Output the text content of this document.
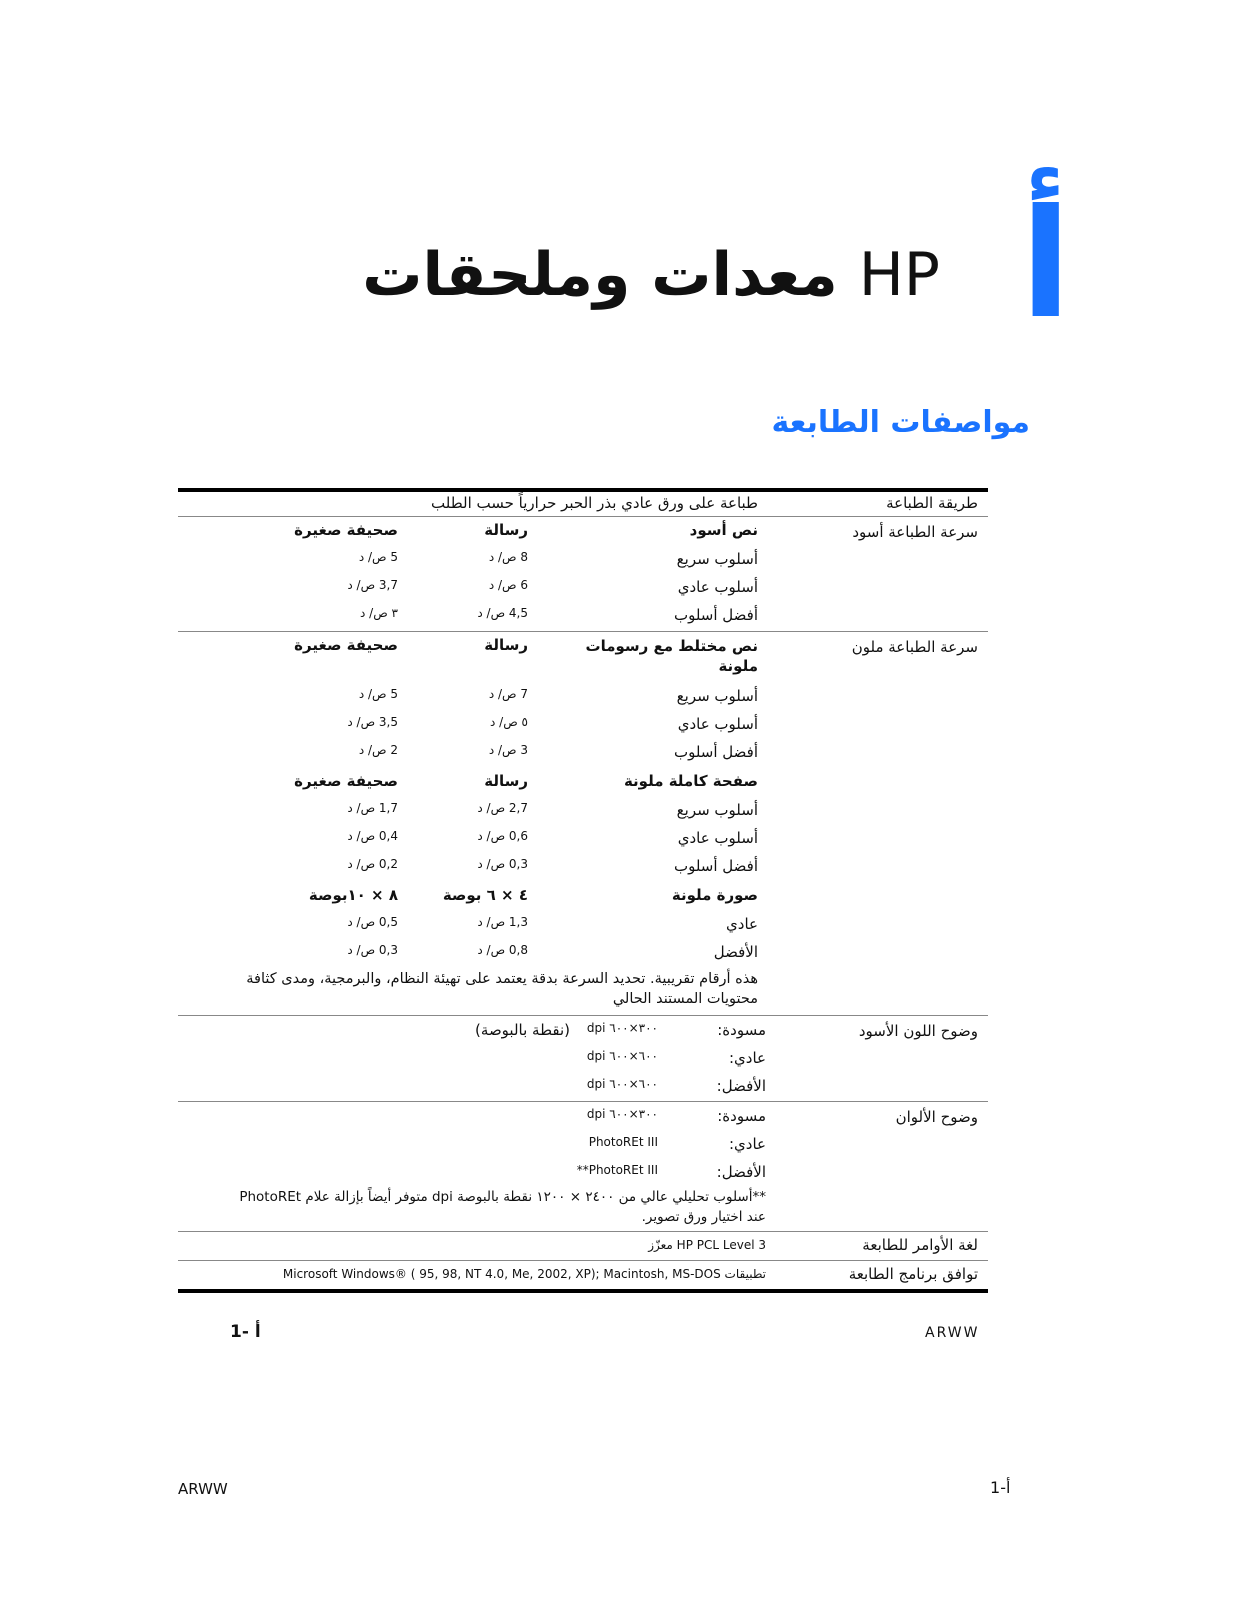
أ
HP معدات وملحقات
مواصفات الطابعة
طريقة الطباعة
طباعة على ورق عادي بذر الحبر حرارياً حسب الطلب
سرعة الطباعة أسود
نص أسود
رسالة
صحيفة صغيرة
أسلوب سريع
8 ص/ د
5 ص/ د
أسلوب عادي
6 ص/ د
3,7 ص/ د
أفضل أسلوب
4,5 ص/ د
٣ ص/ د
سرعة الطباعة ملون
نص مختلط مع رسومات
ملونة
رسالة
صحيفة صغيرة
أسلوب سريع
7 ص/ د
5 ص/ د
أسلوب عادي
٥ ص/ د
3,5 ص/ د
أفضل أسلوب
3 ص/ د
2 ص/ د
صفحة كاملة ملونة
رسالة
صحيفة صغيرة
أسلوب سريع
2,7 ص/ د
1,7 ص/ د
أسلوب عادي
0,6 ص/ د
0,4 ص/ د
أفضل أسلوب
0,3 ص/ د
0,2 ص/ د
صورة ملونة
٤ × ٦ بوصة
٨ × ١٠بوصة
عادي
1,3 ص/ د
0,5 ص/ د
الأفضل
0,8 ص/ د
0,3 ص/ د
هذه أرقام تقريبية. تحديد السرعة بدقة يعتمد على تهيئة النظام، والبرمجية، ومدى كثافة
محتويات المستند الحالي
وضوح اللون الأسود
مسودة:
٣٠٠×٦٠٠ dpi
(نقطة بالبوصة)
عادي:
٦٠٠×٦٠٠ dpi
الأفضل:
٦٠٠×٦٠٠ dpi
وضوح الألوان
مسودة:
٣٠٠×٦٠٠ dpi
عادي:
PhotoREt III
الأفضل:
PhotoREt III**
**أسلوب تحليلي عالي من ٢٤٠٠ × ١٢٠٠ نقطة بالبوصة dpi متوفر أيضاً بإزالة علام PhotoREt
عند اختيار ورق تصوير.
لغة الأوامر للطابعة
HP PCL Level 3 معزّز
توافق برنامج الطابعة
تطبيقات Microsoft Windows® ( 95, 98, NT 4.0, Me, 2002, XP); Macintosh, MS-DOS
أ -1	ARWW
ARWW	أ-1
